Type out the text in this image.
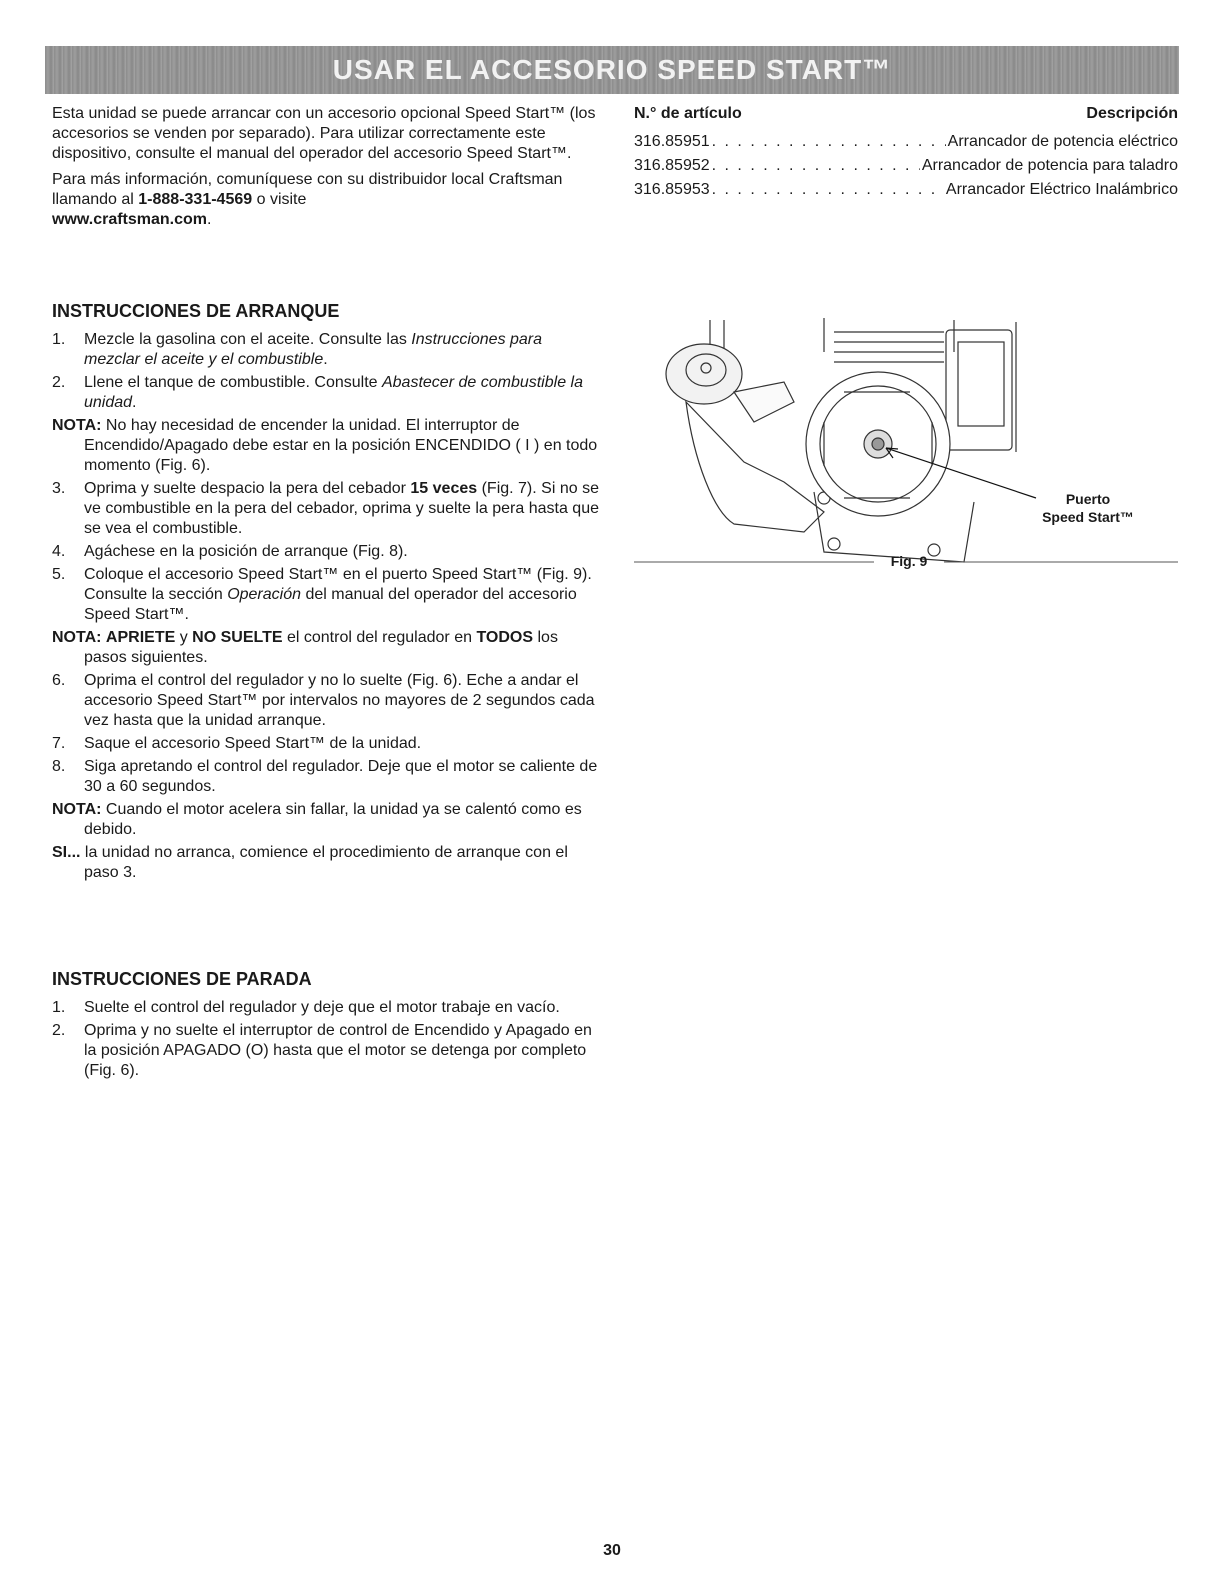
USAR EL ACCESORIO SPEED START™

Esta unidad se puede arrancar con un accesorio opcional Speed Start™ (los accesorios se venden por separado). Para utilizar correctamente este dispositivo, consulte el manual del operador del accesorio Speed Start™.

Para más información, comuníquese con su distribuidor local Craftsman llamando al 1-888-331-4569 o visite
www.craftsman.com.

N.° de artículo	Descripción
316.85951 . . .	Arrancador de potencia eléctrico
316.85952 . . .	Arrancador de potencia para taladro
316.85953 . . .	Arrancador Eléctrico Inalámbrico
INSTRUCCIONES DE ARRANQUE
1. Mezcle la gasolina con el aceite. Consulte las Instrucciones para mezclar el aceite y el combustible.
2. Llene el tanque de combustible. Consulte Abastecer de combustible la unidad.
NOTA: No hay necesidad de encender la unidad. El interruptor de Encendido/Apagado debe estar en la posición ENCENDIDO ( I ) en todo momento (Fig. 6).
3. Oprima y suelte despacio la pera del cebador 15 veces (Fig. 7). Si no se ve combustible en la pera del cebador, oprima y suelte la pera hasta que se vea el combustible.
4. Agáchese en la posición de arranque (Fig. 8).
5. Coloque el accesorio Speed Start™ en el puerto Speed Start™ (Fig. 9). Consulte la sección Operación del manual del operador del accesorio Speed Start™.
NOTA: APRIETE y NO SUELTE el control del regulador en TODOS los pasos siguientes.
6. Oprima el control del regulador y no lo suelte (Fig. 6). Eche a andar el accesorio Speed Start™ por intervalos no mayores de 2 segundos cada vez hasta que la unidad arranque.
7. Saque el accesorio Speed Start™ de la unidad.
8. Siga apretando el control del regulador. Deje que el motor se caliente de 30 a 60 segundos.
NOTA: Cuando el motor acelera sin fallar, la unidad ya se calentó como es debido.
SI... la unidad no arranca, comience el procedimiento de arranque con el paso 3.
INSTRUCCIONES DE PARADA
1. Suelte el control del regulador y deje que el motor trabaje en vacío.
2. Oprima y no suelte el interruptor de control de Encendido y Apagado en la posición APAGADO (O) hasta que el motor se detenga por completo (Fig. 6).
Puerto
Speed Start™
Fig. 9
30
